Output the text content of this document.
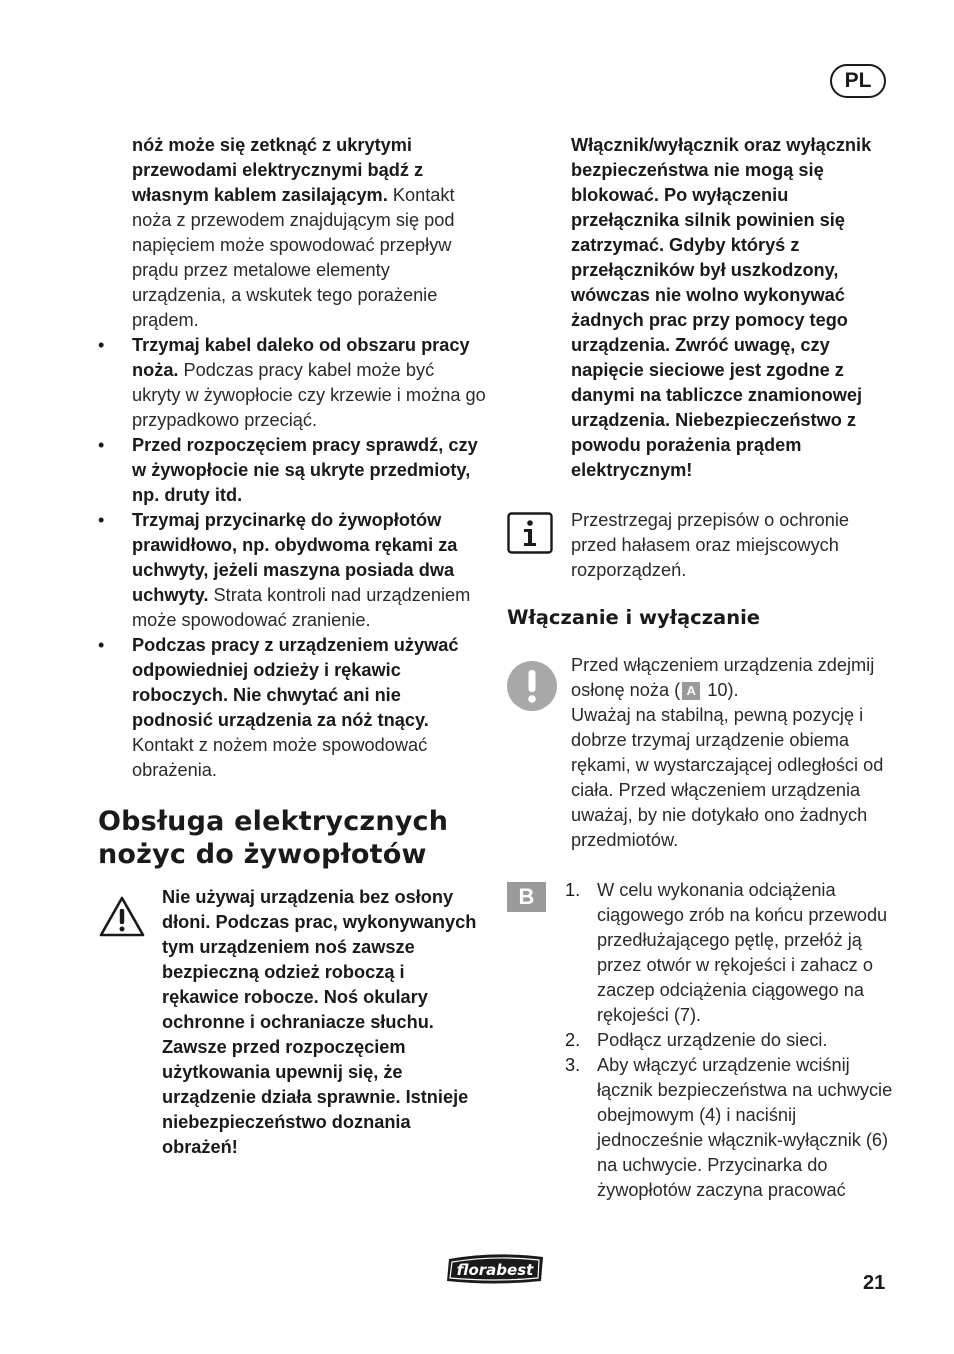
PL
nóż może się zetknąć z ukrytymi przewodami elektrycznymi bądź z własnym kablem zasilającym. Kontakt noża z przewodem znajdującym się pod napięciem może spowodować przepływ prądu przez metalowe elementy urządzenia, a wskutek tego porażenie prądem.
• Trzymaj kabel daleko od obszaru pracy noża. Podczas pracy kabel może być ukryty w żywopłocie czy krzewie i można go przypadkowo przeciąć.
• Przed rozpoczęciem pracy sprawdź, czy w żywopłocie nie są ukryte przedmioty, np. druty itd.
• Trzymaj przycinarkę do żywopłotów prawidłowo, np. obydwoma rękami za uchwyty, jeżeli maszyna posiada dwa uchwyty. Strata kontroli nad urządzeniem może spowodować zranienie.
• Podczas pracy z urządzeniem używać odpowiedniej odzieży i rękawic roboczych. Nie chwytać ani nie podnosić urządzenia za nóż tnący. Kontakt z nożem może spowodować obrażenia.
Obsługa elektrycznych
nożyc do żywopłotów
Nie używaj urządzenia bez osłony dłoni. Podczas prac, wykonywanych tym urządzeniem noś zawsze bezpieczną odzież roboczą i rękawice robocze. Noś okulary ochronne i ochraniacze słuchu. Zawsze przed rozpoczęciem użytkowania upewnij się, że urządzenie działa sprawnie. Istnieje niebezpieczeństwo doznania obrażeń!
Włącznik/wyłącznik oraz wyłącznik bezpieczeństwa nie mogą się blokować. Po wyłączeniu przełącznika silnik powinien się zatrzymać. Gdyby któryś z przełączników był uszkodzony, wówczas nie wolno wykonywać żadnych prac przy pomocy tego urządzenia. Zwróć uwagę, czy napięcie sieciowe jest zgodne z danymi na tabliczce znamionowej urządzenia. Niebezpieczeństwo z powodu porażenia prądem elektrycznym!
Przestrzegaj przepisów o ochronie przed hałasem oraz miejscowych rozporządzeń.
Włączanie i wyłączanie
Przed włączeniem urządzenia zdejmij osłonę noża ( A 10).
Uważaj na stabilną, pewną pozycję i dobrze trzymaj urządzenie obiema rękami, w wystarczającej odległości od ciała. Przed włączeniem urządzenia uważaj, by nie dotykało ono żadnych przedmiotów.
B	1. W celu wykonania odciążenia ciągowego zrób na końcu przewodu przedłużającego pętlę, przełóż ją przez otwór w rękojeści i zahacz o zaczep odciążenia ciągowego na rękojeści (7).
2. Podłącz urządzenie do sieci.
3. Aby włączyć urządzenie wciśnij łącznik bezpieczeństwa na uchwycie obejmowym (4) i naciśnij jednocześnie włącznik-wyłącznik (6) na uchwycie. Przycinarka do żywopłotów zaczyna pracować
florabest
21
